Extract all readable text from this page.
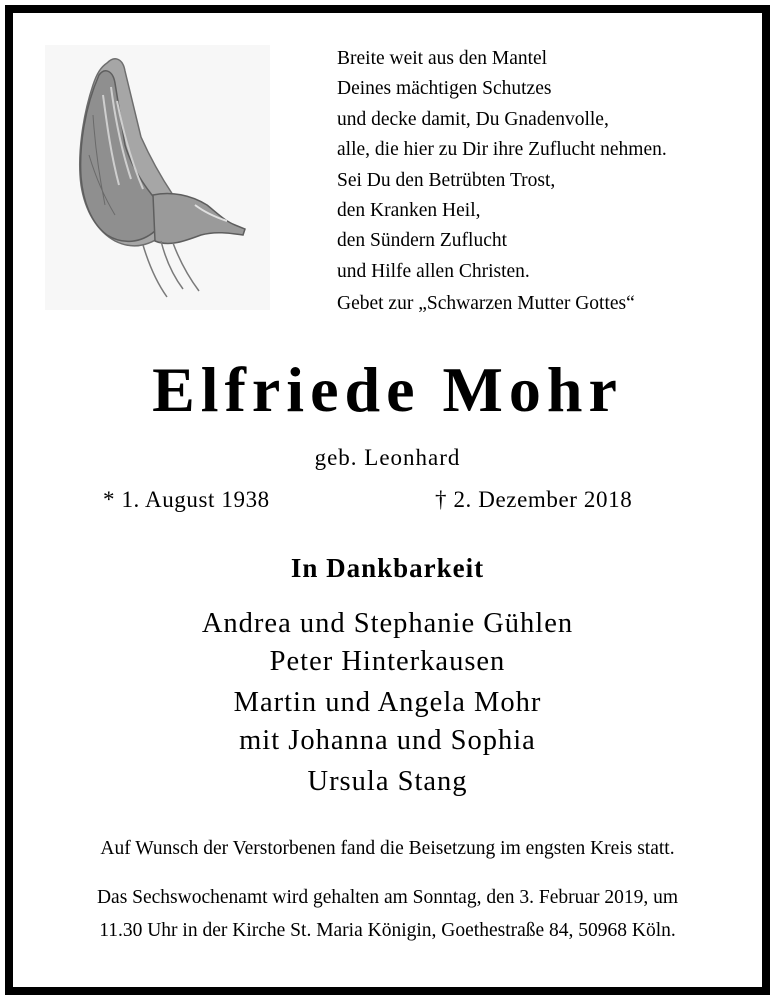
Breite weit aus den Mantel
Deines mächtigen Schutzes
und decke damit, Du Gnadenvolle,
alle, die hier zu Dir ihre Zuflucht nehmen.
Sei Du den Betrübten Trost,
den Kranken Heil,
den Sündern Zuflucht
und Hilfe allen Christen.
Gebet zur „Schwarzen Mutter Gottes“
Elfriede Mohr
geb. Leonhard
* 1. August 1938	† 2. Dezember 2018
In Dankbarkeit
Andrea und Stephanie Gühlen
Peter Hinterkausen
Martin und Angela Mohr
mit Johanna und Sophia
Ursula Stang
Auf Wunsch der Verstorbenen fand die Beisetzung im engsten Kreis statt.
Das Sechswochenamt wird gehalten am Sonntag, den 3. Februar 2019, um
11.30 Uhr in der Kirche St. Maria Königin, Goethestraße 84, 50968 Köln.
